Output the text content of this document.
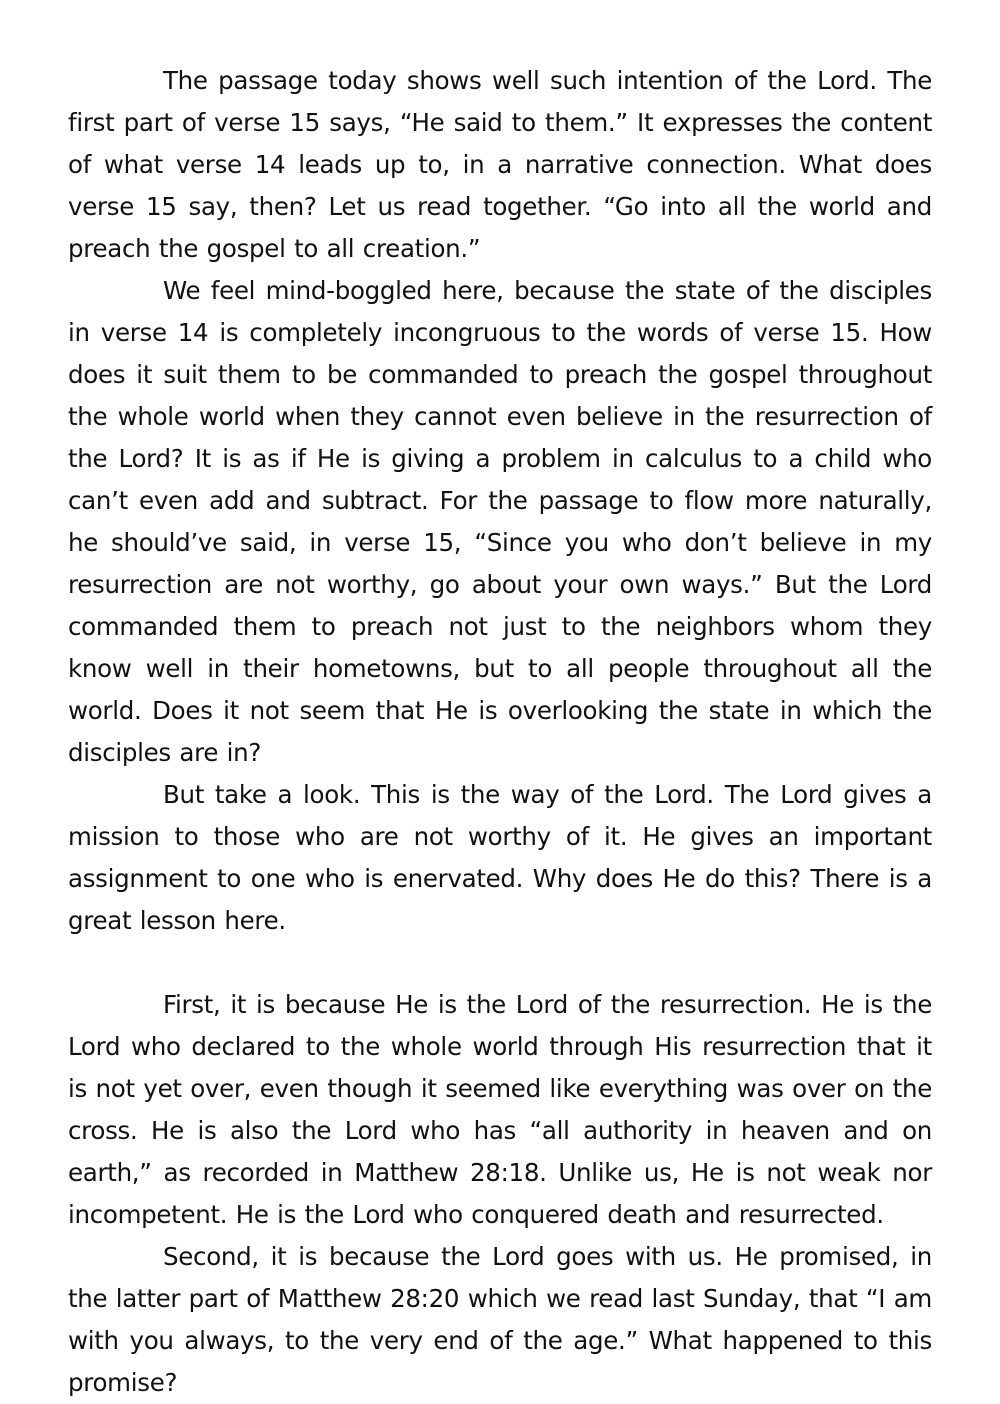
The passage today shows well such intention of the Lord. The first part of verse 15 says, “He said to them.” It expresses the content of what verse 14 leads up to, in a narrative connection. What does verse 15 say, then? Let us read together. “Go into all the world and preach the gospel to all creation.”

We feel mind-boggled here, because the state of the disciples in verse 14 is completely incongruous to the words of verse 15. How does it suit them to be commanded to preach the gospel throughout the whole world when they cannot even believe in the resurrection of the Lord? It is as if He is giving a problem in calculus to a child who can’t even add and subtract. For the passage to flow more naturally, he should’ve said, in verse 15, “Since you who don’t believe in my resurrection are not worthy, go about your own ways.” But the Lord commanded them to preach not just to the neighbors whom they know well in their hometowns, but to all people throughout all the world. Does it not seem that He is overlooking the state in which the disciples are in?

But take a look. This is the way of the Lord. The Lord gives a mission to those who are not worthy of it. He gives an important assignment to one who is enervated. Why does He do this? There is a great lesson here.

First, it is because He is the Lord of the resurrection. He is the Lord who declared to the whole world through His resurrection that it is not yet over, even though it seemed like everything was over on the cross. He is also the Lord who has “all authority in heaven and on earth,” as recorded in Matthew 28:18. Unlike us, He is not weak nor incompetent. He is the Lord who conquered death and resurrected.

Second, it is because the Lord goes with us. He promised, in the latter part of Matthew 28:20 which we read last Sunday, that “I am with you always, to the very end of the age.” What happened to this promise?
